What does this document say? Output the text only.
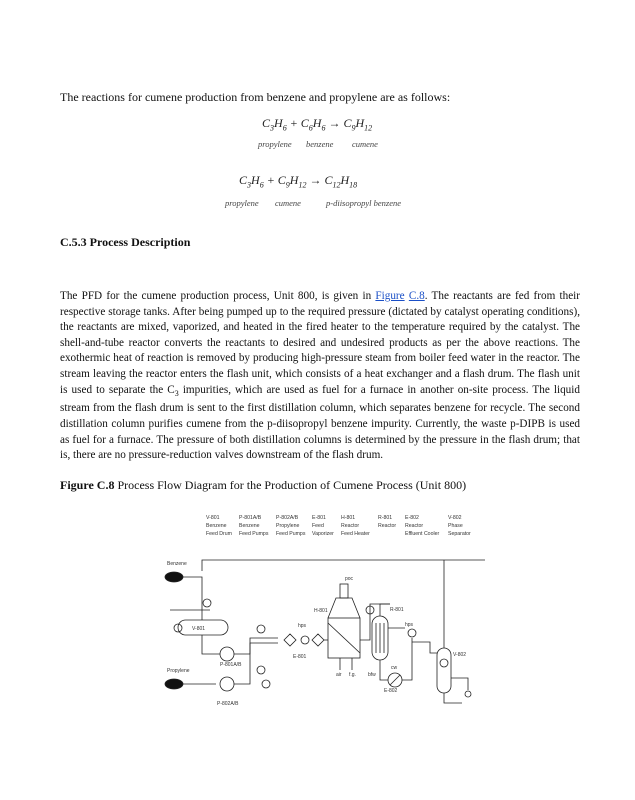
The reactions for cumene production from benzene and propylene are as follows:
$C_3H_6 + C_6H_6 \to C_9H_{12}$
propylene benzene cumene
$C_3H_6 + C_9H_{12} \to C_{12}H_{18}$
propylene cumene	p-diisopropyl benzene
C.5.3 Process Description
The PFD for the cumene production process, Unit 800, is given in Figure C.8. The reactants are fed from their respective storage tanks. After being pumped up to the required pressure (dictated by catalyst operating conditions), the reactants are mixed, vaporized, and heated in the fired heater to the temperature required by the catalyst. The shell-and-tube reactor converts the reactants to desired and undesired products as per the above reactions. The exothermic heat of reaction is removed by producing high-pressure steam from boiler feed water in the reactor. The stream leaving the reactor enters the flash unit, which consists of a heat exchanger and a flash drum. The flash unit is used to separate the $C_3$ impurities, which are used as fuel for a furnace in another on-site process. The liquid stream from the flash drum is sent to the first distillation column, which separates benzene for recycle. The second distillation column purifies cumene from the p-diisopropyl benzene impurity. Currently, the waste p-DIPB is used as fuel for a furnace. The pressure of both distillation columns is determined by the pressure in the flash drum; that is, there are no pressure-reduction valves downstream of the flash drum.
Figure C.8 Process Flow Diagram for the Production of Cumene Process (Unit 800)
V-801	P-801A/B	P-802A/B	E-801	H-801	R-801 E-802	V-802
Benzene Benzene	Propylene Feed	Reactor	Reactor Reactor	Phase
Feed Drum Feed Pumps Feed Pumps Vaporizer Feed Heater	Effluent Cooler Separator
Benzene
Propylene
V-801
P-801A/B
P-802A/B
E-801
H-801	R-801
E-802
V-802
hps	hps
poc
air f.g. bfw
cw
